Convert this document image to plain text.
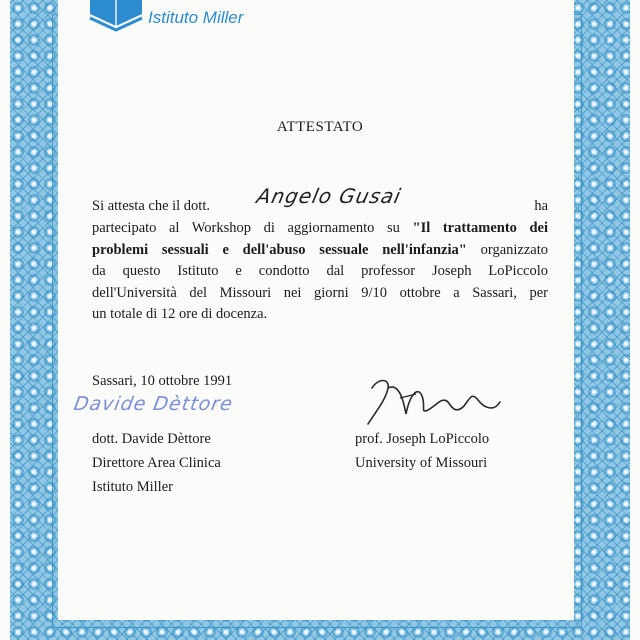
Istituto Miller
ATTESTATO
Si attesta che il dott. Angelo Gusai	ha
partecipato al Workshop di aggiornamento su "Il trattamento dei
problemi sessuali e dell'abuso sessuale nell'infanzia" organizzato
da questo Istituto e condotto dal professor Joseph LoPiccolo
dell'Università del Missouri nei giorni 9/10 ottobre a Sassari, per
un totale di 12 ore di docenza.
Sassari, 10 ottobre 1991
Davide Dèttore
dott. Davide Dèttore
Direttore Area Clinica
Istituto Miller
prof. Joseph LoPiccolo
University of Missouri
